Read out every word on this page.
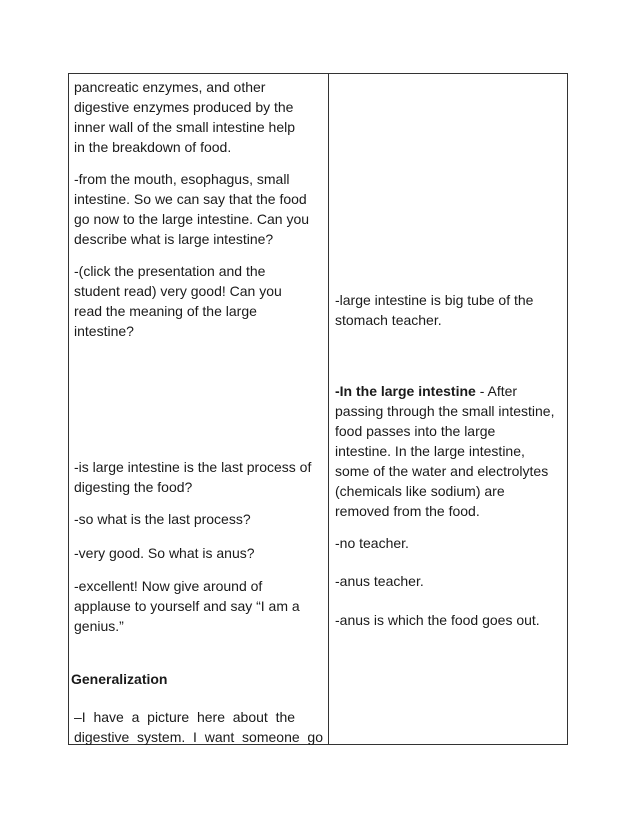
pancreatic enzymes, and other
digestive enzymes produced by the
inner wall of the small intestine help
in the breakdown of food.
-from the mouth, esophagus, small
intestine. So we can say that the food
go now to the large intestine. Can you
describe what is large intestine?
-(click the presentation and the
student read) very good! Can you
read the meaning of the large
intestine?
-is large intestine is the last process of
digesting the food?
-so what is the last process?
-very good. So what is anus?
-excellent! Now give around of
applause to yourself and say “I am a
genius.”
Generalization
–I  have  a  picture  here  about  the
digestive  system.  I  want  someone  go
-large intestine is big tube of the
stomach teacher.
-In the large intestine - After
passing through the small intestine,
food passes into the large
intestine. In the large intestine,
some of the water and electrolytes
(chemicals like sodium) are
removed from the food.
-no teacher.
-anus teacher.
-anus is which the food goes out.
